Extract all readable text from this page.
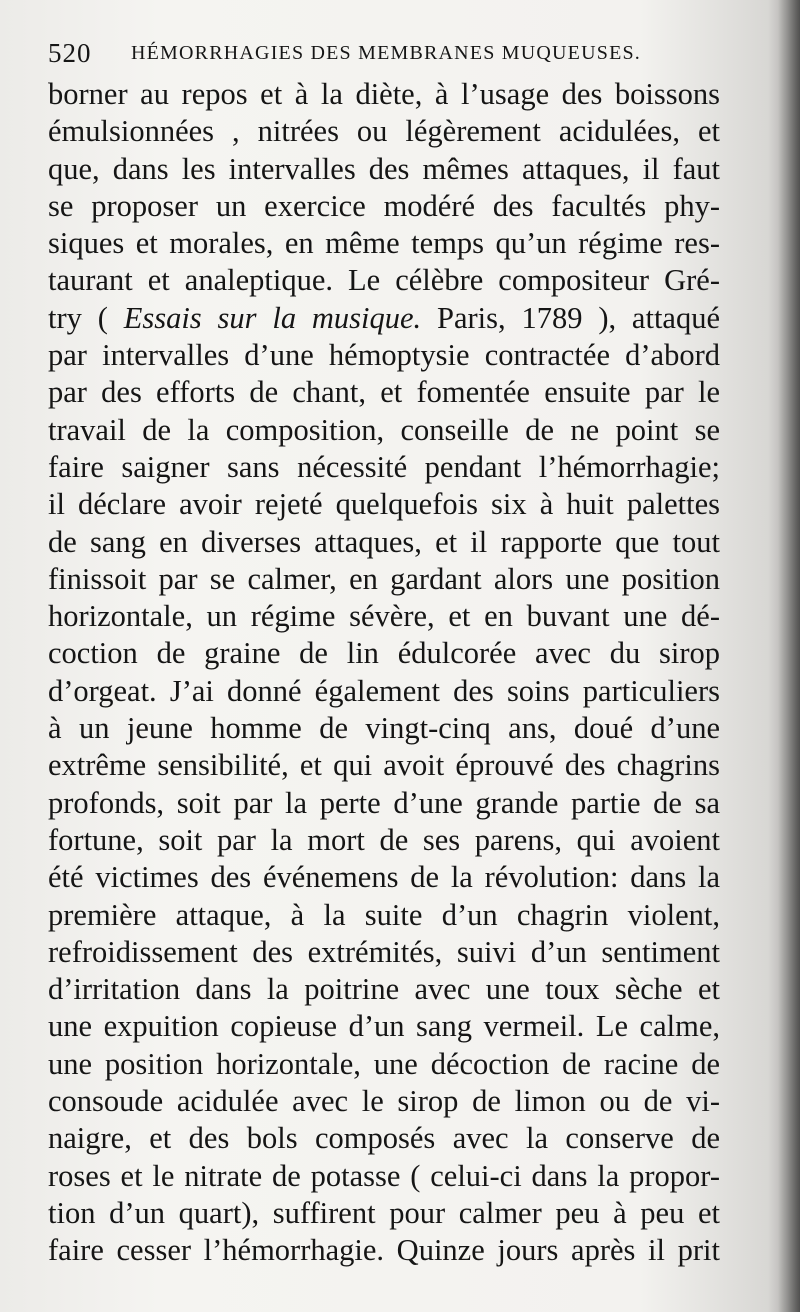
520 HÉMORRHAGIES DES MEMBRANES MUQUEUSES.
borner au repos et à la diète, à l’usage des boissons
émulsionnées , nitrées ou légèrement acidulées, et
que, dans les intervalles des mêmes attaques, il faut
se proposer un exercice modéré des facultés phy-
siques et morales, en même temps qu’un régime res-
taurant et analeptique. Le célèbre compositeur Gré-
try ( Essais sur la musique. Paris, 1789 ), attaqué
par intervalles d’une hémoptysie contractée d’abord
par des efforts de chant, et fomentée ensuite par le
travail de la composition, conseille de ne point se
faire saigner sans nécessité pendant l’hémorrhagie;
il déclare avoir rejeté quelquefois six à huit palettes
de sang en diverses attaques, et il rapporte que tout
finissoit par se calmer, en gardant alors une position
horizontale, un régime sévère, et en buvant une dé-
coction de graine de lin édulcorée avec du sirop
d’orgeat. J’ai donné également des soins particuliers
à un jeune homme de vingt-cinq ans, doué d’une
extrême sensibilité, et qui avoit éprouvé des chagrins
profonds, soit par la perte d’une grande partie de sa
fortune, soit par la mort de ses parens, qui avoient
été victimes des événemens de la révolution: dans la
première attaque, à la suite d’un chagrin violent,
refroidissement des extrémités, suivi d’un sentiment
d’irritation dans la poitrine avec une toux sèche et
une expuition copieuse d’un sang vermeil. Le calme,
une position horizontale, une décoction de racine de
consoude acidulée avec le sirop de limon ou de vi-
naigre, et des bols composés avec la conserve de
roses et le nitrate de potasse ( celui-ci dans la propor-
tion d’un quart), suffirent pour calmer peu à peu et
faire cesser l’hémorrhagie. Quinze jours après il prit
